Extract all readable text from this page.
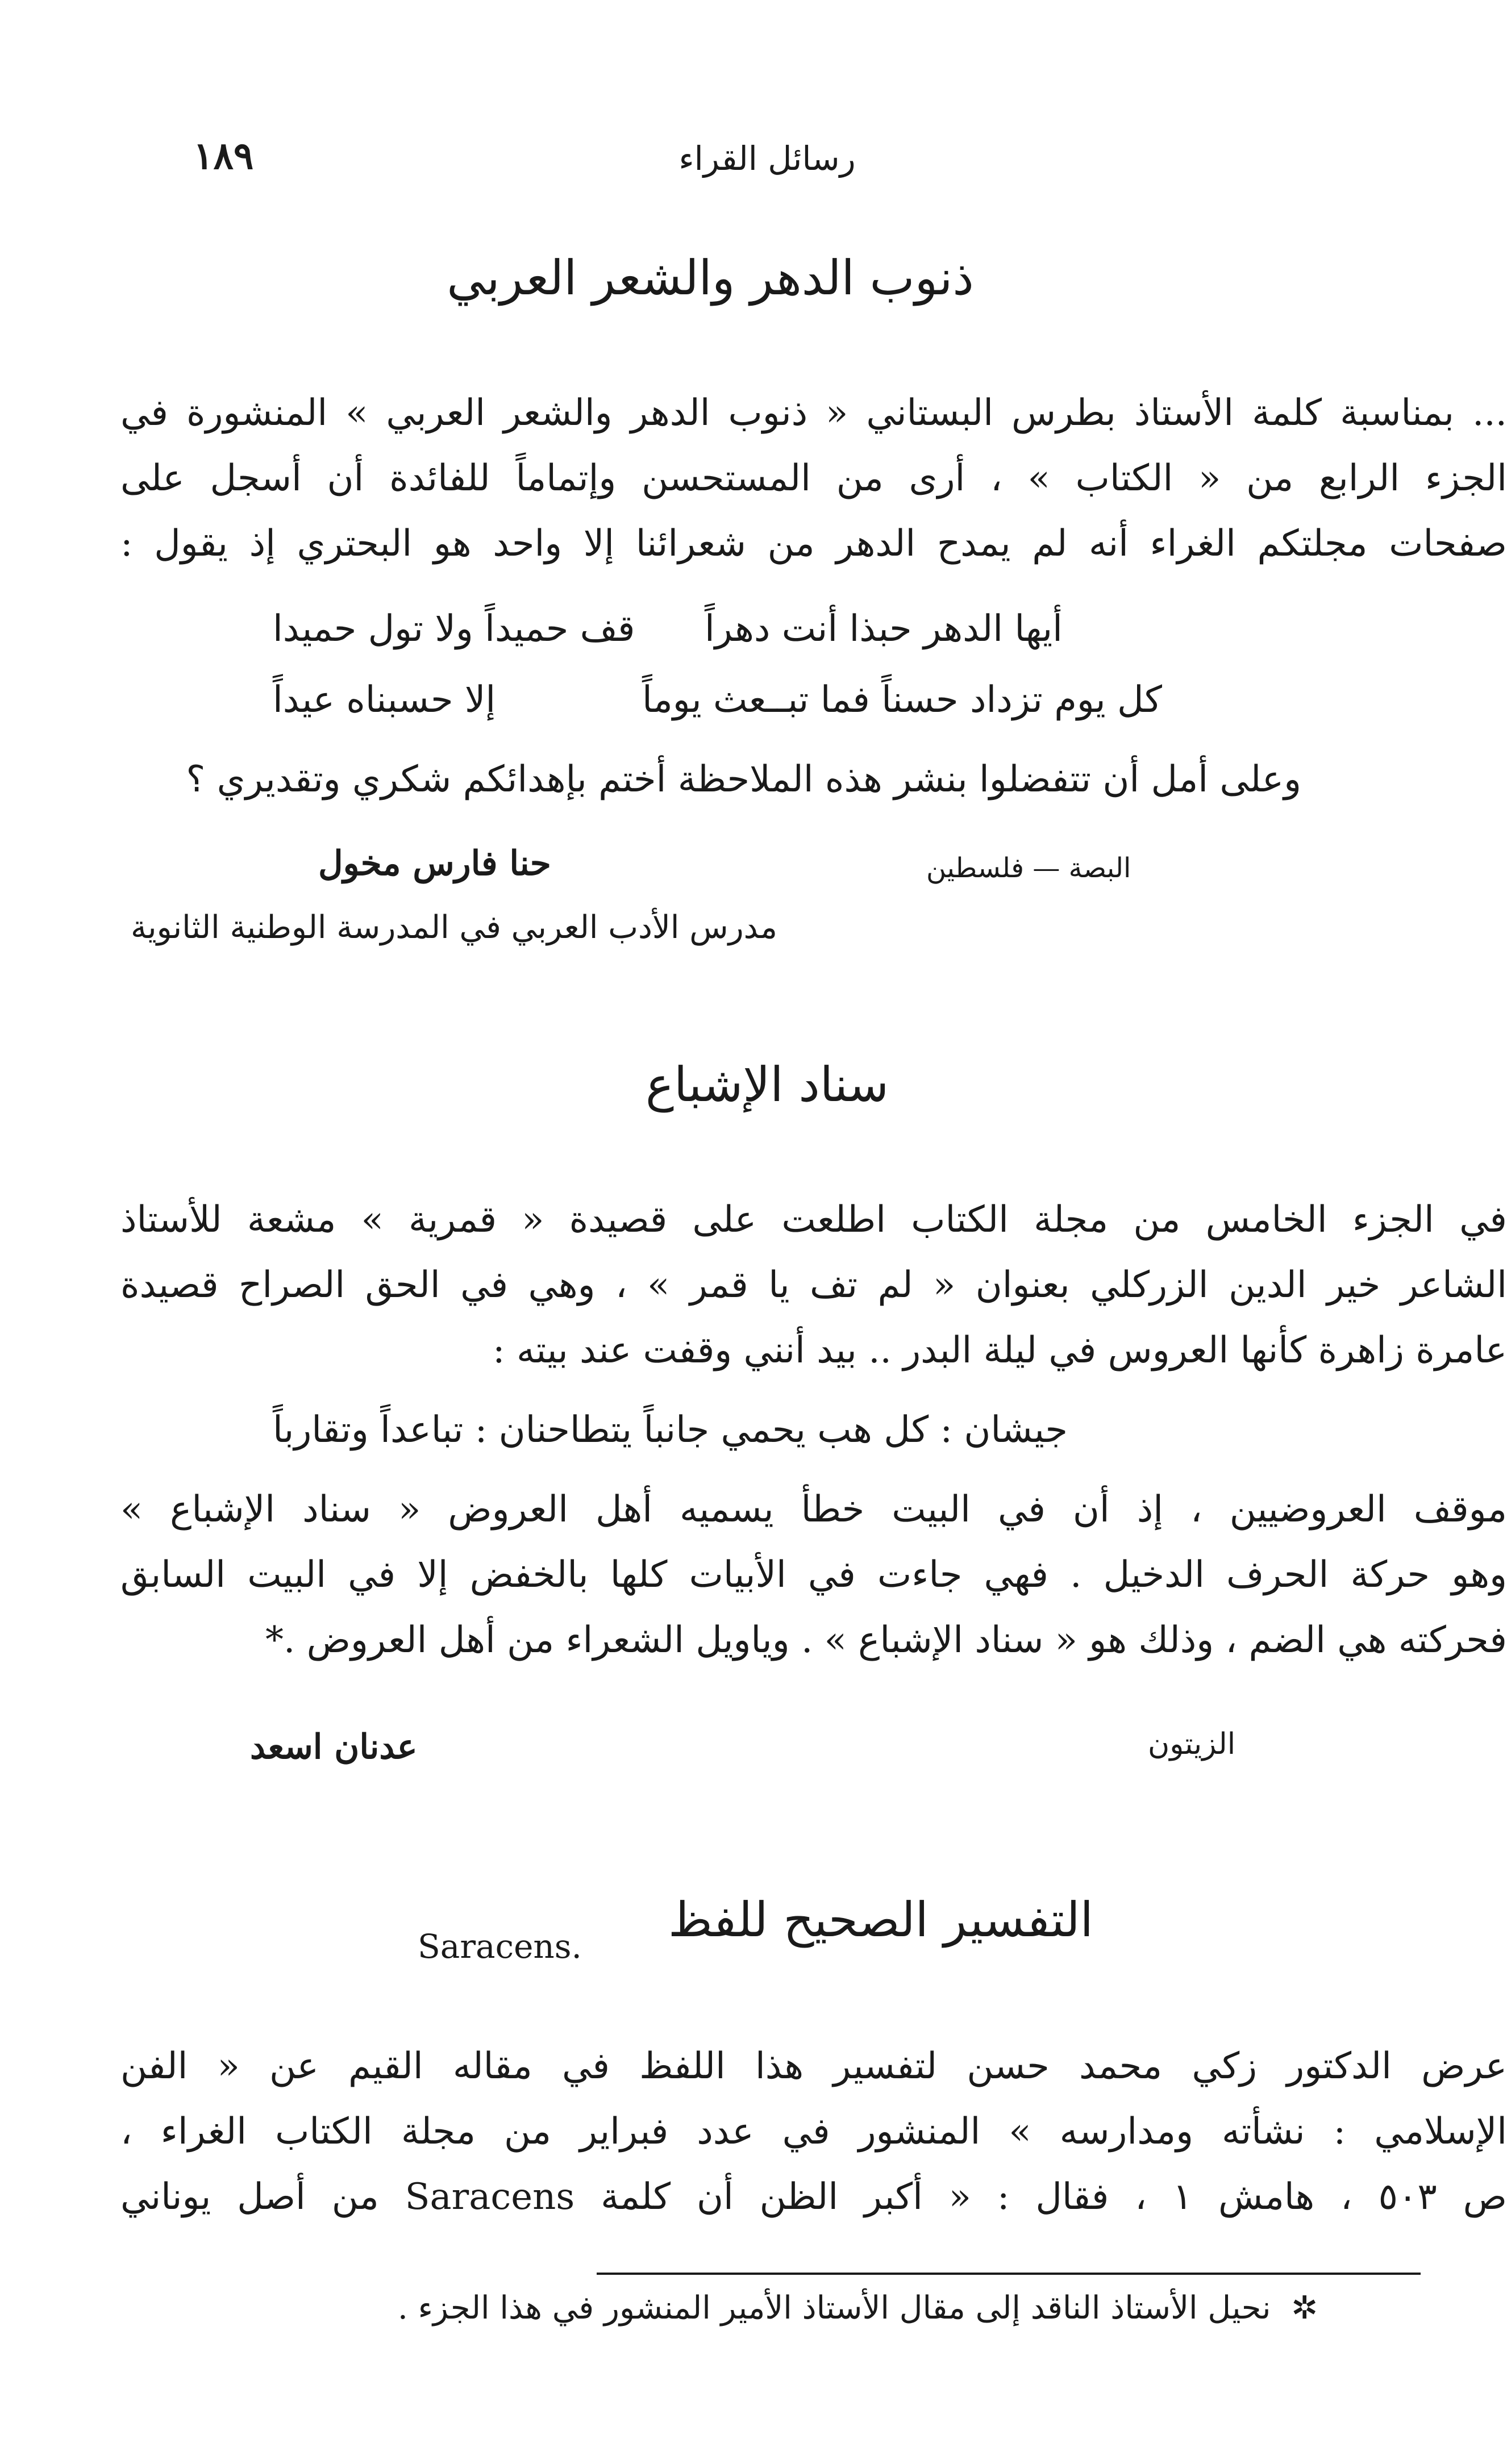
رسائل القراء
١٨٩
ذنوب الدهر والشعر العربي
... بمناسبة كلمة الأستاذ بطرس البستاني « ذنوب الدهر والشعر العربي » المنشورة في
الجزء الرابع من « الكتاب » ، أرى من المستحسن وإتماماً للفائدة أن أسجل على
صفحات مجلتكم الغراء أنه لم يمدح الدهر من شعرائنا إلا واحد هو البحتري إذ يقول :
أيها الدهر حبذا أنت دهراً
قف حميداً ولا تول حميدا
كل يوم تزداد حسناً فما تبــعث يوماً
إلا حسبناه عيداً
وعلى أمل أن تتفضلوا بنشر هذه الملاحظة أختم بإهدائكم شكري وتقديري ؟
البصة — فلسطين
حنا فارس مخول
مدرس الأدب العربي في المدرسة الوطنية الثانوية
سناد الإشباع
في الجزء الخامس من مجلة الكتاب اطلعت على قصيدة « قمرية » مشعة للأستاذ
الشاعر خير الدين الزركلي بعنوان « لم تف يا قمر » ، وهي في الحق الصراح قصيدة
عامرة زاهرة كأنها العروس في ليلة البدر .. بيد أنني وقفت عند بيته :
جيشان : كل هب يحمي جانباً يتطاحنان : تباعداً وتقارباً
موقف العروضيين ، إذ أن في البيت خطأ يسميه أهل العروض « سناد الإشباع »
وهو حركة الحرف الدخيل . فهي جاءت في الأبيات كلها بالخفض إلا في البيت السابق
فحركته هي الضم ، وذلك هو « سناد الإشباع » . وياويل الشعراء من أهل العروض .*
الزيتون
عدنان اسعد
Saracens.	التفسير الصحيح للفظ
عرض الدكتور زكي محمد حسن لتفسير هذا اللفظ في مقاله القيم عن « الفن
الإسلامي : نشأته ومدارسه » المنشور في عدد فبراير من مجلة الكتاب الغراء ،
ص ٥٠٣ ، هامش ١ ، فقال : « أكبر الظن أن كلمة Saracens من أصل يوناني
✲ نحيل الأستاذ الناقد إلى مقال الأستاذ الأمير المنشور في هذا الجزء .
